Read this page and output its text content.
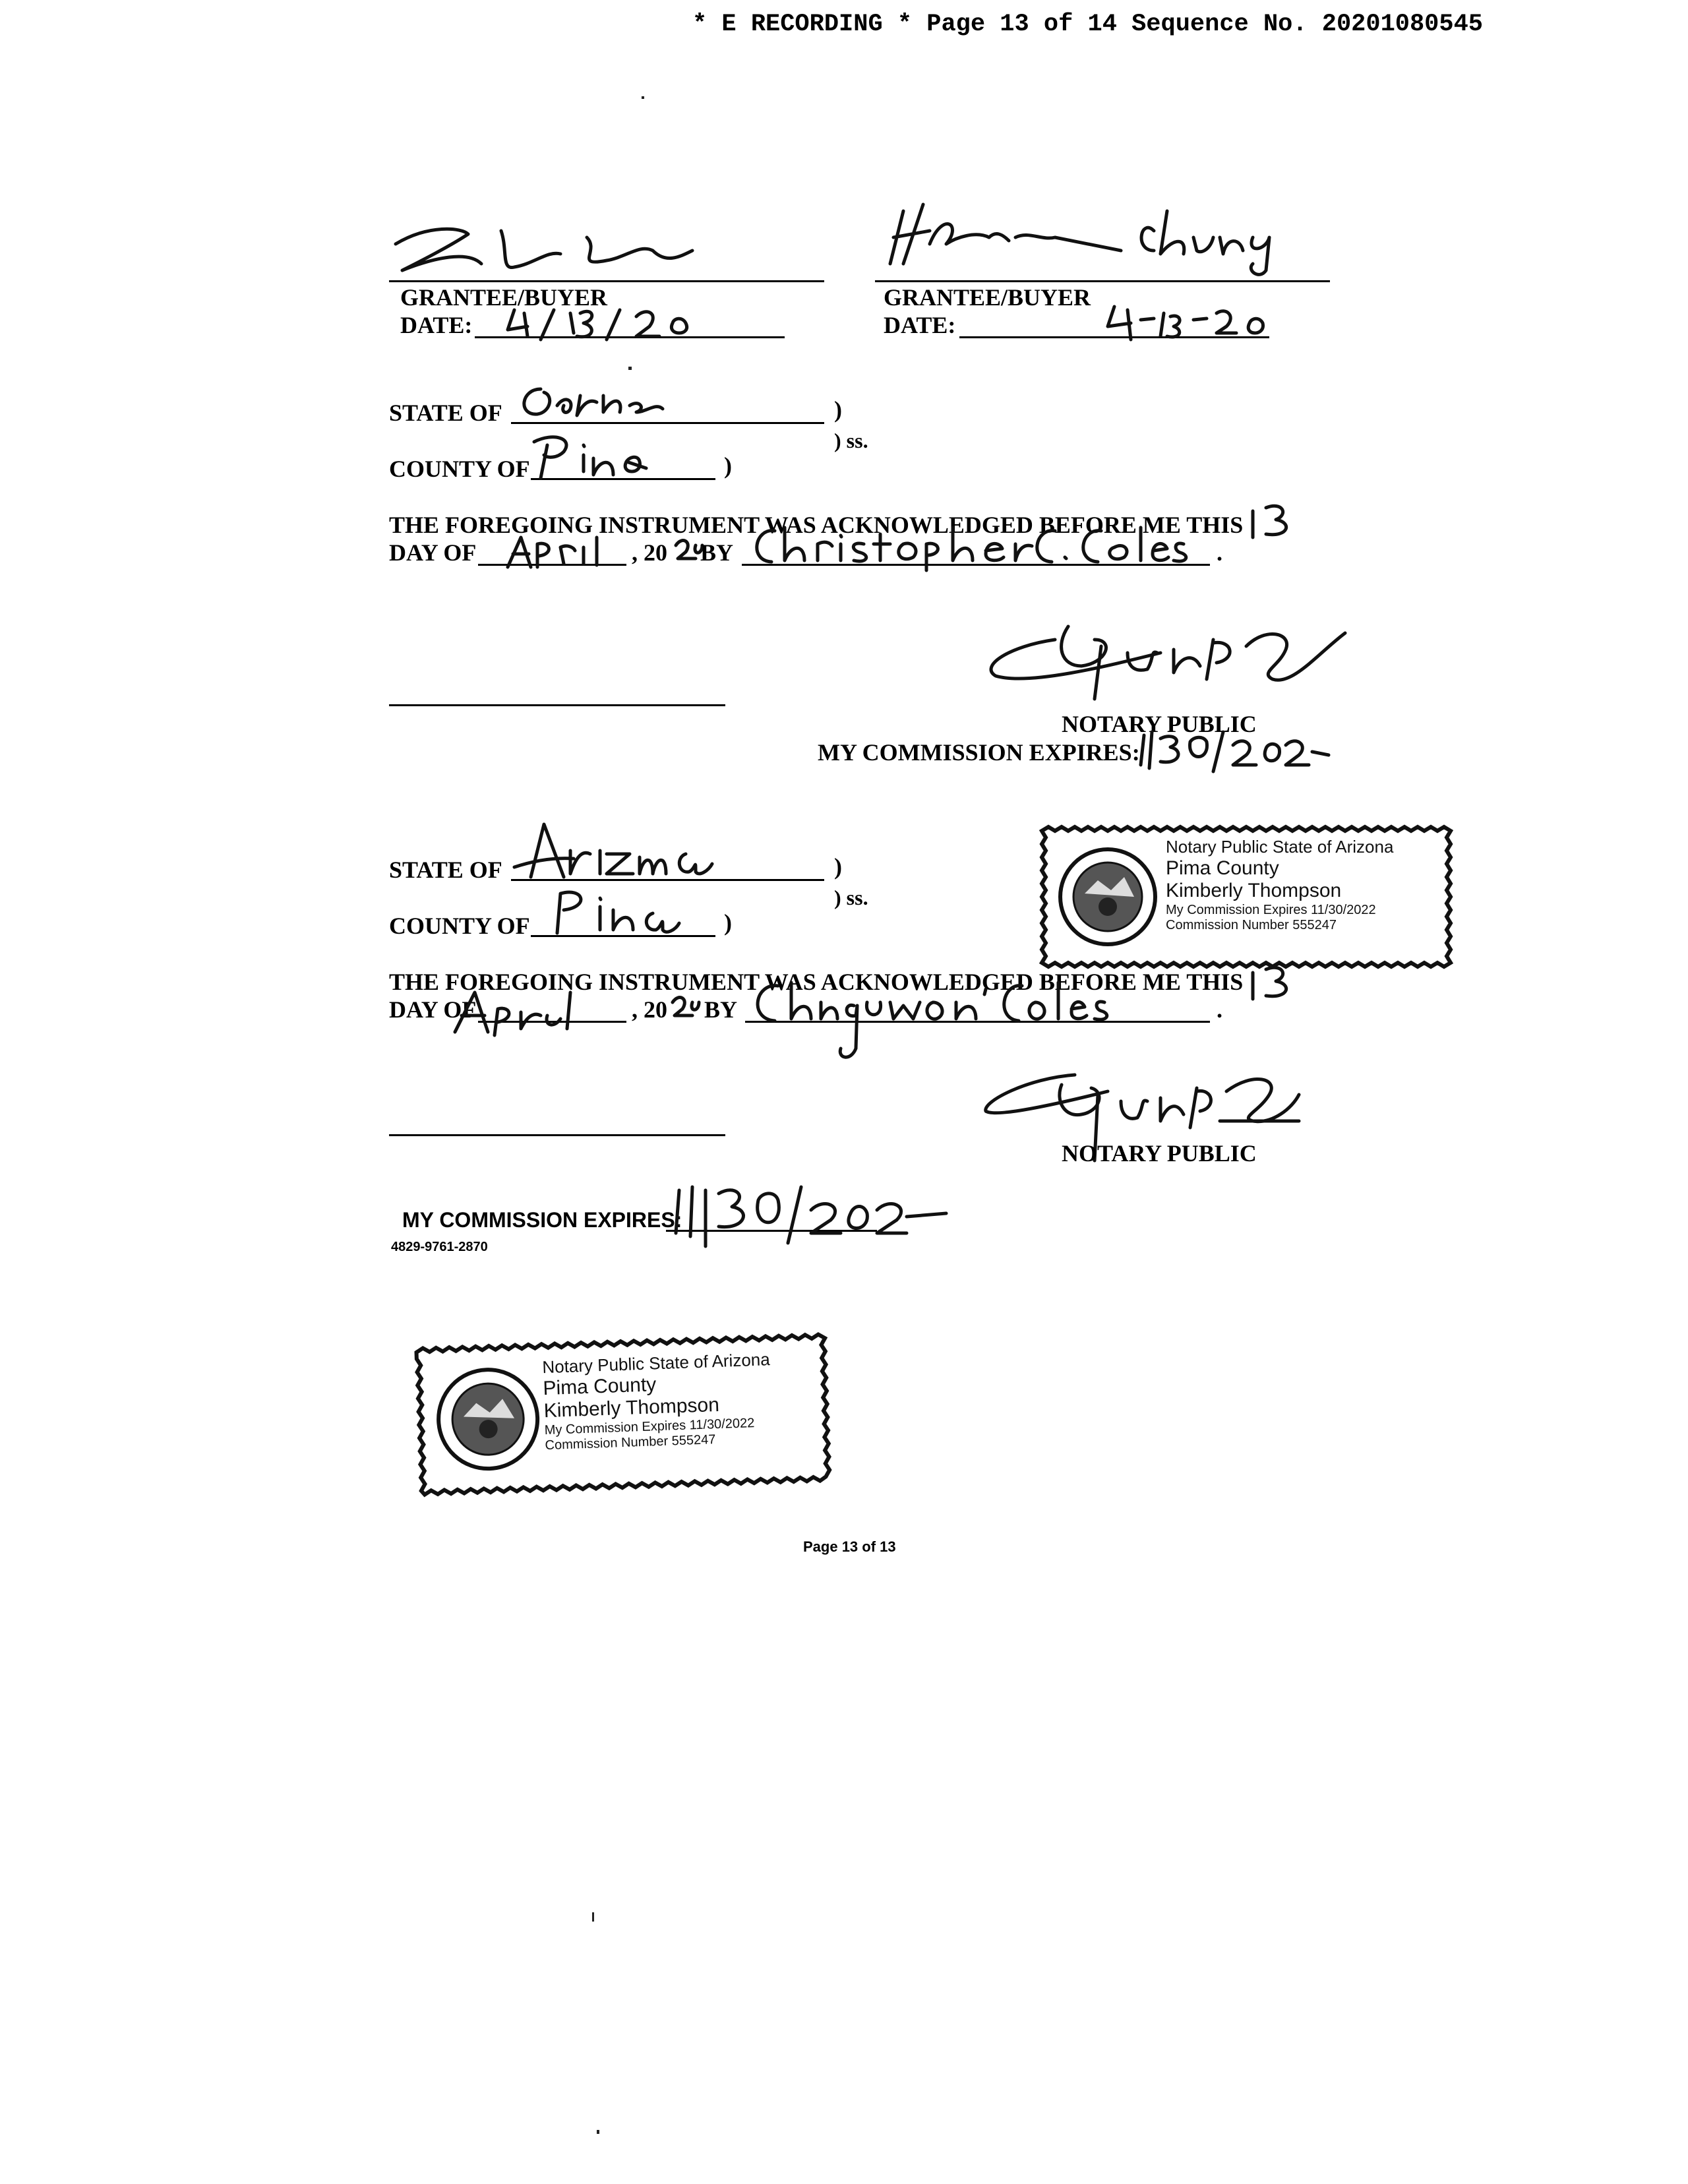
* E RECORDING * Page 13 of 14 Sequence No. 20201080545
GRANTEE/BUYER
DATE:
GRANTEE/BUYER
DATE:
STATE OF	)
) ss.
COUNTY OF	)
THE FOREGOING INSTRUMENT WAS ACKNOWLEDGED BEFORE ME THIS
DAY OF	, 20 BY	.
NOTARY PUBLIC
MY COMMISSION EXPIRES:
STATE OF	)
) ss.
COUNTY OF	)
THE FOREGOING INSTRUMENT WAS ACKNOWLEDGED BEFORE ME THIS
DAY OF	, 20 BY	.
NOTARY PUBLIC
MY COMMISSION EXPIRES:
4829-9761-2870
Notary Public State of Arizona
Pima County
Kimberly Thompson
My Commission Expires 11/30/2022
Commission Number 555247
Notary Public State of Arizona
Pima County
Kimberly Thompson
My Commission Expires 11/30/2022
Commission Number 555247
Page 13 of 13
